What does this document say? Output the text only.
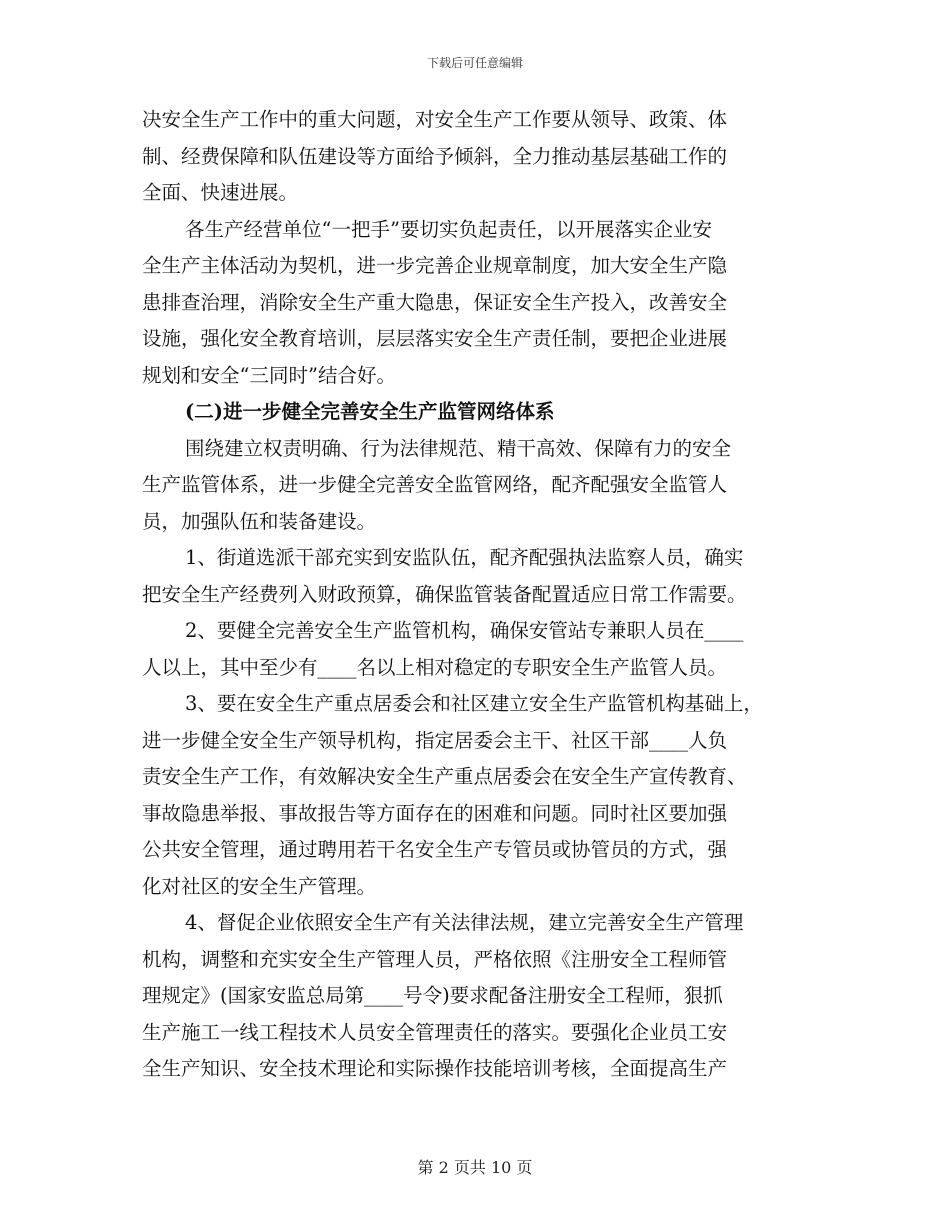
下载后可任意编辑
决安全生产工作中的重大问题，对安全生产工作要从领导、政策、体
制、经费保障和队伍建设等方面给予倾斜，全力推动基层基础工作的
全面、快速进展。
各生产经营单位“一把手”要切实负起责任，以开展落实企业安
全生产主体活动为契机，进一步完善企业规章制度，加大安全生产隐
患排查治理，消除安全生产重大隐患，保证安全生产投入，改善安全
设施，强化安全教育培训，层层落实安全生产责任制，要把企业进展
规划和安全“三同时”结合好。
(二)进一步健全完善安全生产监管网络体系
围绕建立权责明确、行为法律规范、精干高效、保障有力的安全
生产监管体系，进一步健全完善安全监管网络，配齐配强安全监管人
员，加强队伍和装备建设。
1、街道选派干部充实到安监队伍，配齐配强执法监察人员，确实
把安全生产经费列入财政预算，确保监管装备配置适应日常工作需要。
2、要健全完善安全生产监管机构，确保安管站专兼职人员在____
人以上，其中至少有____名以上相对稳定的专职安全生产监管人员。
3、要在安全生产重点居委会和社区建立安全生产监管机构基础上，
进一步健全安全生产领导机构，指定居委会主干、社区干部____人负
责安全生产工作，有效解决安全生产重点居委会在安全生产宣传教育、
事故隐患举报、事故报告等方面存在的困难和问题。同时社区要加强
公共安全管理，通过聘用若干名安全生产专管员或协管员的方式，强
化对社区的安全生产管理。
4、督促企业依照安全生产有关法律法规，建立完善安全生产管理
机构，调整和充实安全生产管理人员，严格依照《注册安全工程师管
理规定》(国家安监总局第____号令)要求配备注册安全工程师，狠抓
生产施工一线工程技术人员安全管理责任的落实。要强化企业员工安
全生产知识、安全技术理论和实际操作技能培训考核，全面提高生产
第 2 页共 10 页
